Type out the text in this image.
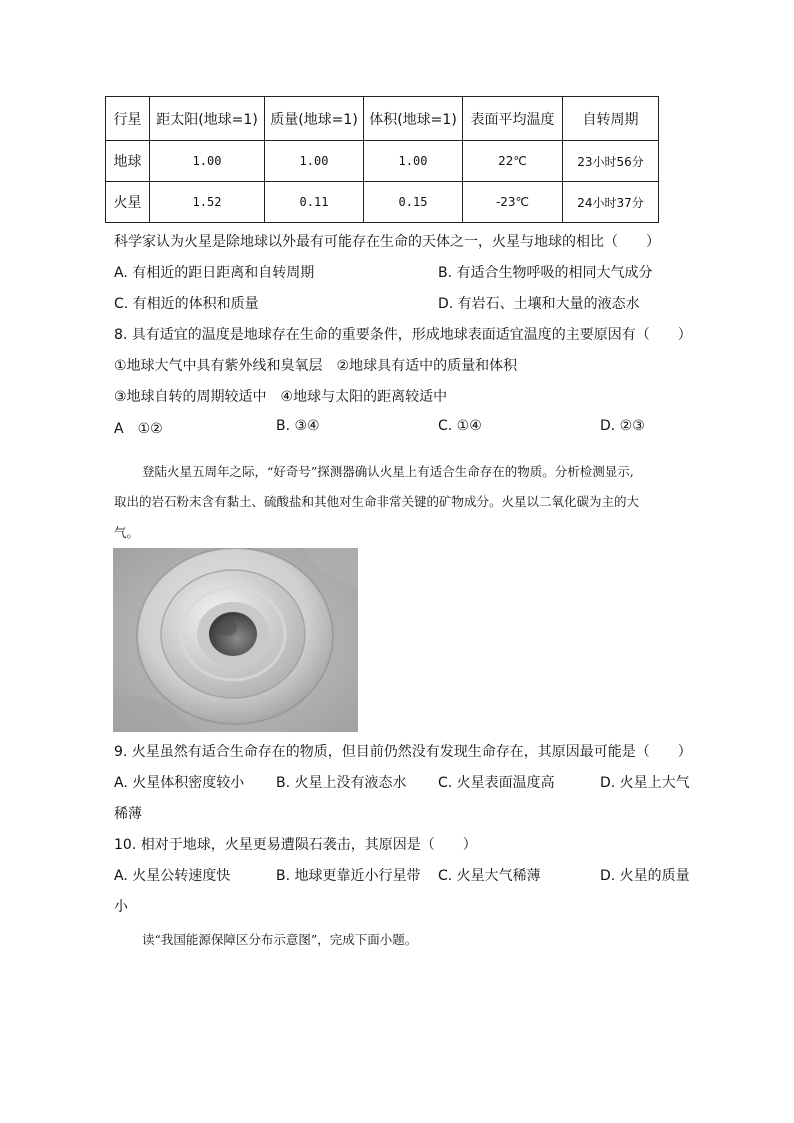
行星	距太阳(地球=1)	质量(地球=1)	体积(地球=1)	表面平均温度	自转周期
地球	1.00	1.00	1.00	22℃	23小时56分
火星	1.52	0.11	0.15	-23℃	24小时37分
科学家认为火星是除地球以外最有可能存在生命的天体之一，火星与地球的相比（　　）
A. 有相近的距日距离和自转周期	B. 有适合生物呼吸的相同大气成分
C. 有相近的体积和质量	D. 有岩石、土壤和大量的液态水
8. 具有适宜的温度是地球存在生命的重要条件，形成地球表面适宜温度的主要原因有（　　）
①地球大气中具有紫外线和臭氧层　②地球具有适中的质量和体积
③地球自转的周期较适中　④地球与太阳的距离较适中
A　①②	B. ③④	C. ①④	D. ②③
登陆火星五周年之际，“好奇号”探测器确认火星上有适合生命存在的物质。分析检测显示,
取出的岩石粉末含有黏土、硫酸盐和其他对生命非常关键的矿物成分。火星以二氧化碳为主的大
气。
9. 火星虽然有适合生命存在的物质，但目前仍然没有发现生命存在，其原因最可能是（　　）
A. 火星体积密度较小 B. 火星上没有液态水 C. 火星表面温度高	D. 火星上大气
稀薄
10. 相对于地球，火星更易遭陨石袭击，其原因是（　　）
A. 火星公转速度快	B. 地球更靠近小行星带 C. 火星大气稀薄	D. 火星的质量
小
读“我国能源保障区分布示意图”，完成下面小题。
